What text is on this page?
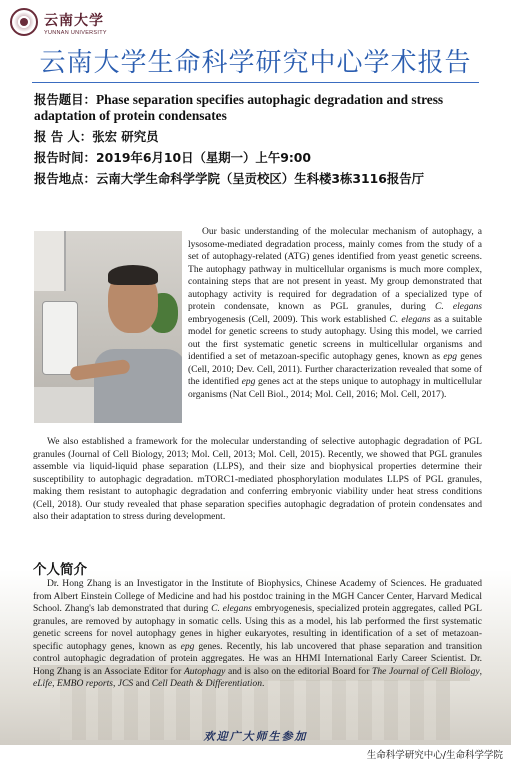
云南大学
YUNNAN UNIVERSITY
云南大学生命科学研究中心学术报告
报告题目：Phase separation specifies autophagic degradation and stress adaptation of protein condensates
报 告 人：张宏 研究员
报告时间：2019年6月10日（星期一）上午9:00
报告地点：云南大学生命科学学院（呈贡校区）生科楼3栋3116报告厅

Our basic understanding of the molecular mechanism of autophagy, a lysosome-mediated degradation process, mainly comes from the study of a set of autophagy-related (ATG) genes identified from yeast genetic screens. The autophagy pathway in multicellular organisms is much more complex, containing steps that are not present in yeast. My group demonstrated that autophagy activity is required for degradation of a specialized type of protein condensate, known as PGL granules, during C. elegans embryogenesis (Cell, 2009). This work established C. elegans as a suitable model for genetic screens to study autophagy. Using this model, we carried out the first systematic genetic screens in multicellular organisms and identified a set of metazoan-specific autophagy genes, known as epg genes (Cell, 2010; Dev. Cell, 2011). Further characterization revealed that some of the identified epg genes act at the steps unique to autophagy in multicellular organisms (Nat Cell Biol., 2014; Mol. Cell, 2016; Mol. Cell, 2017).

We also established a framework for the molecular understanding of selective autophagic degradation of PGL granules (Journal of Cell Biology, 2013; Mol. Cell, 2013; Mol. Cell, 2015). Recently, we showed that PGL granules assemble via liquid-liquid phase separation (LLPS), and their size and biophysical properties determine their susceptibility to autophagic degradation. mTORC1-mediated phosphorylation modulates LLPS of PGL granules, making them resistant to autophagic degradation and conferring embryonic viability under heat stress conditions (Cell, 2018). Our study revealed that phase separation specifies autophagic degradation of protein condensates and also their adaptation to stress during development.

个人简介

Dr. Hong Zhang is an Investigator in the Institute of Biophysics, Chinese Academy of Sciences. He graduated from Albert Einstein College of Medicine and had his postdoc training in the MGH Cancer Center, Harvard Medical School. Zhang's lab demonstrated that during C. elegans embryogenesis, specialized protein aggregates, called PGL granules, are removed by autophagy in somatic cells. Using this as a model, his lab performed the first systematic genetic screens for novel autophagy genes in higher eukaryotes, resulting in identification of a set of metazoan-specific autophagy genes, known as epg genes. Recently, his lab uncovered that phase separation and transition control autophagic degradation of protein aggregates. He was an HHMI International Early Career Scientist. Dr. Hong Zhang is an Associate Editor for Autophagy and is also on the editorial Board for The Journal of Cell Biology, eLife, EMBO reports, JCS and Cell Death & Differentiation.

欢迎广大师生参加

生命科学研究中心/生命科学学院
